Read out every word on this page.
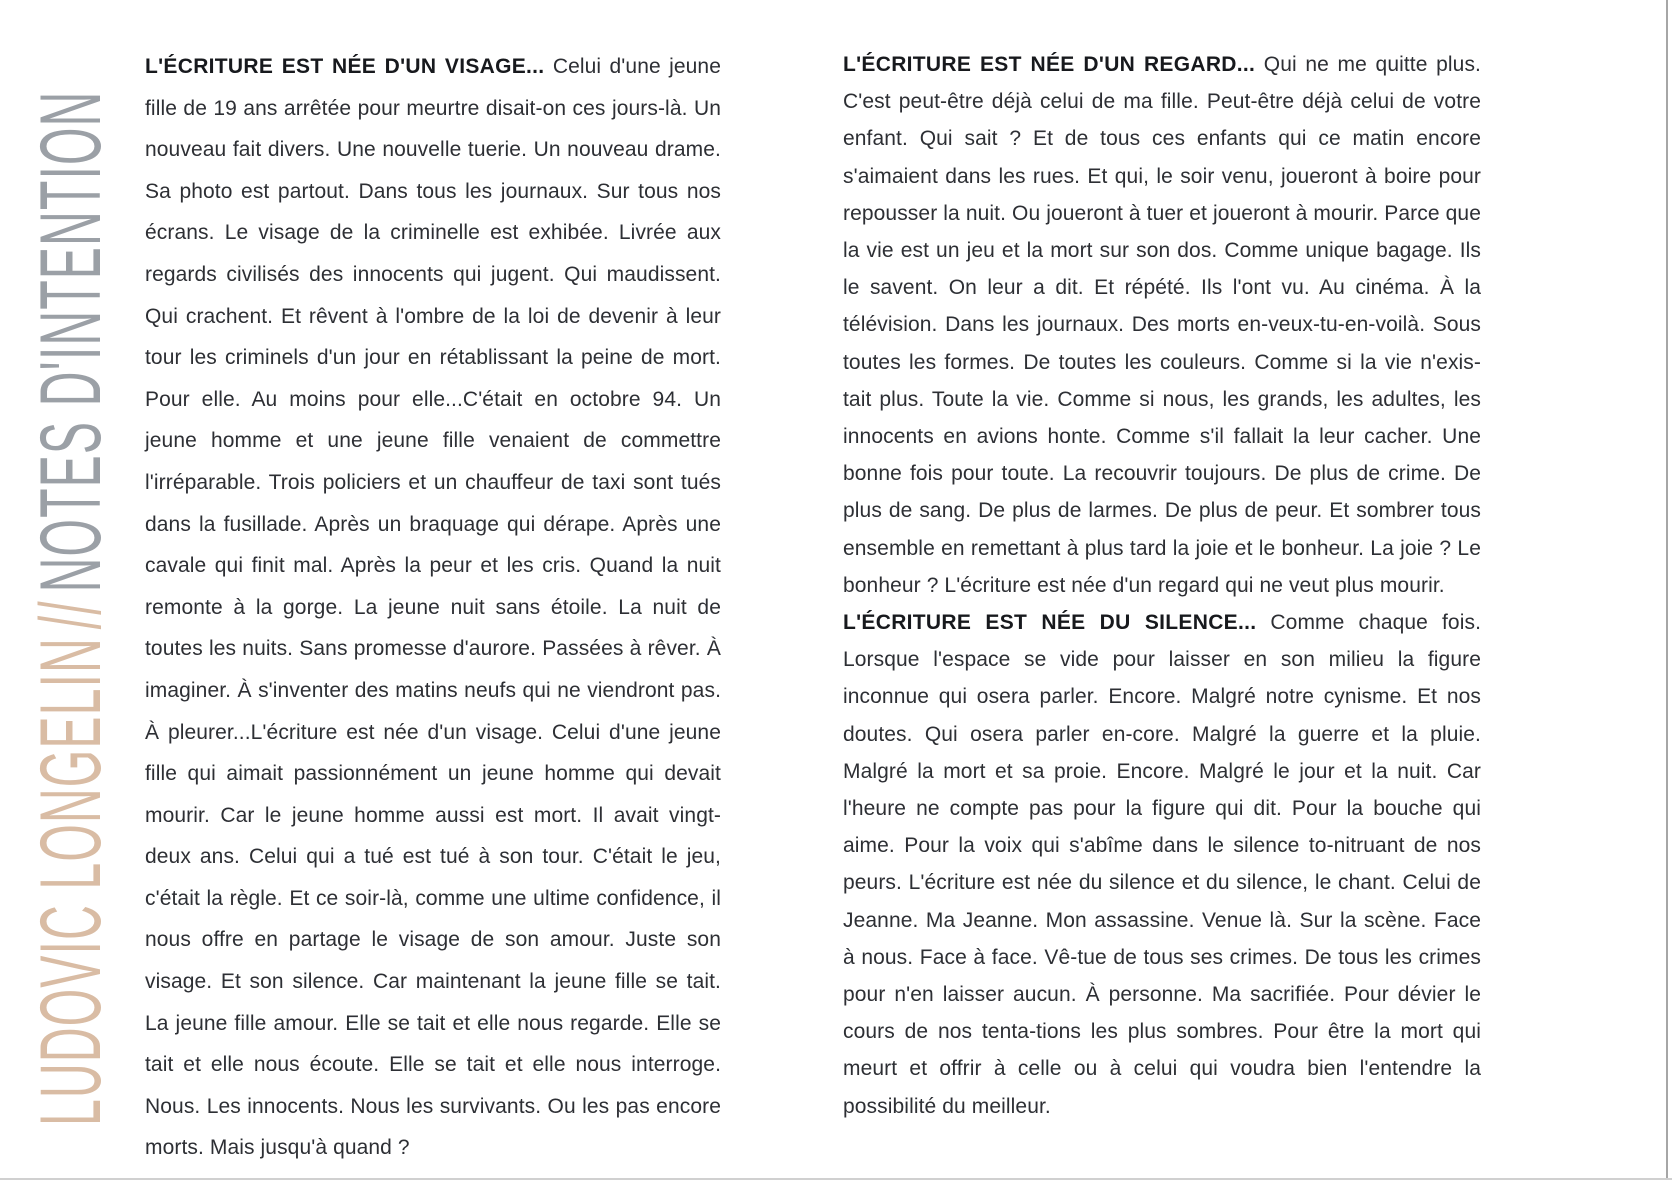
LUDOVIC LONGELIN//NOTES D'INTENTION

L'ÉCRITURE EST NÉE D'UN VISAGE... Celui d'une jeune fille de 19 ans arrêtée pour meurtre disait-on ces jours-là. Un nouveau fait divers. Une nouvelle tuerie. Un nouveau drame. Sa photo est partout. Dans tous les journaux. Sur tous nos écrans. Le visage de la criminelle est exhibée. Livrée aux regards civilisés des innocents qui jugent. Qui maudissent. Qui crachent. Et rêvent à l'ombre de la loi de devenir à leur tour les criminels d'un jour en rétablissant la peine de mort. Pour elle. Au moins pour elle...C'était en octobre 94. Un jeune homme et une jeune fille venaient de commettre l'irréparable. Trois policiers et un chauffeur de taxi sont tués dans la fusillade. Après un braquage qui dérape. Après une cavale qui finit mal. Après la peur et les cris. Quand la nuit remonte à la gorge. La jeune nuit sans étoile. La nuit de toutes les nuits. Sans promesse d'aurore. Passées à rêver. À imaginer. À s'inventer des matins neufs qui ne viendront pas. À pleurer...L'écriture est née d'un visage. Celui d'une jeune fille qui aimait passionnément un jeune homme qui devait mourir. Car le jeune homme aussi est mort. Il avait vingt-deux ans. Celui qui a tué est tué à son tour. C'était le jeu, c'était la règle. Et ce soir-là, comme une ultime confidence, il nous offre en partage le visage de son amour. Juste son visage. Et son silence. Car maintenant la jeune fille se tait. La jeune fille amour. Elle se tait et elle nous regarde. Elle se tait et elle nous écoute. Elle se tait et elle nous interroge. Nous. Les innocents. Nous les survivants. Ou les pas encore morts. Mais jusqu'à quand ?

L'ÉCRITURE EST NÉE D'UN REGARD... Qui ne me quitte plus. C'est peut-être déjà celui de ma fille. Peut-être déjà celui de votre enfant. Qui sait ? Et de tous ces enfants qui ce matin encore s'aimaient dans les rues. Et qui, le soir venu, joueront à boire pour repousser la nuit. Ou joueront à tuer et joueront à mourir. Parce que la vie est un jeu et la mort sur son dos. Comme unique bagage. Ils le savent. On leur a dit. Et répété. Ils l'ont vu. Au cinéma. À la télévision. Dans les journaux. Des morts en-veux-tu-en-voilà. Sous toutes les formes. De toutes les couleurs. Comme si la vie n'exis-tait plus. Toute la vie. Comme si nous, les grands, les adultes, les innocents en avions honte. Comme s'il fallait la leur cacher. Une bonne fois pour toute. La recouvrir toujours. De plus de crime. De plus de sang. De plus de larmes. De plus de peur. Et sombrer tous ensemble en remettant à plus tard la joie et le bonheur. La joie ? Le bonheur ? L'écriture est née d'un regard qui ne veut plus mourir.

L'ÉCRITURE EST NÉE DU SILENCE... Comme chaque fois. Lorsque l'espace se vide pour laisser en son milieu la figure inconnue qui osera parler. Encore. Malgré notre cynisme. Et nos doutes. Qui osera parler en-core. Malgré la guerre et la pluie. Malgré la mort et sa proie. Encore. Malgré le jour et la nuit. Car l'heure ne compte pas pour la figure qui dit. Pour la bouche qui aime. Pour la voix qui s'abîme dans le silence to-nitruant de nos peurs. L'écriture est née du silence et du silence, le chant. Celui de Jeanne. Ma Jeanne. Mon assassine. Venue là. Sur la scène. Face à nous. Face à face. Vê-tue de tous ses crimes. De tous les crimes pour n'en laisser aucun. À personne. Ma sacrifiée. Pour dévier le cours de nos tenta-tions les plus sombres. Pour être la mort qui meurt et offrir à celle ou à celui qui voudra bien l'entendre la possibilité du meilleur.
